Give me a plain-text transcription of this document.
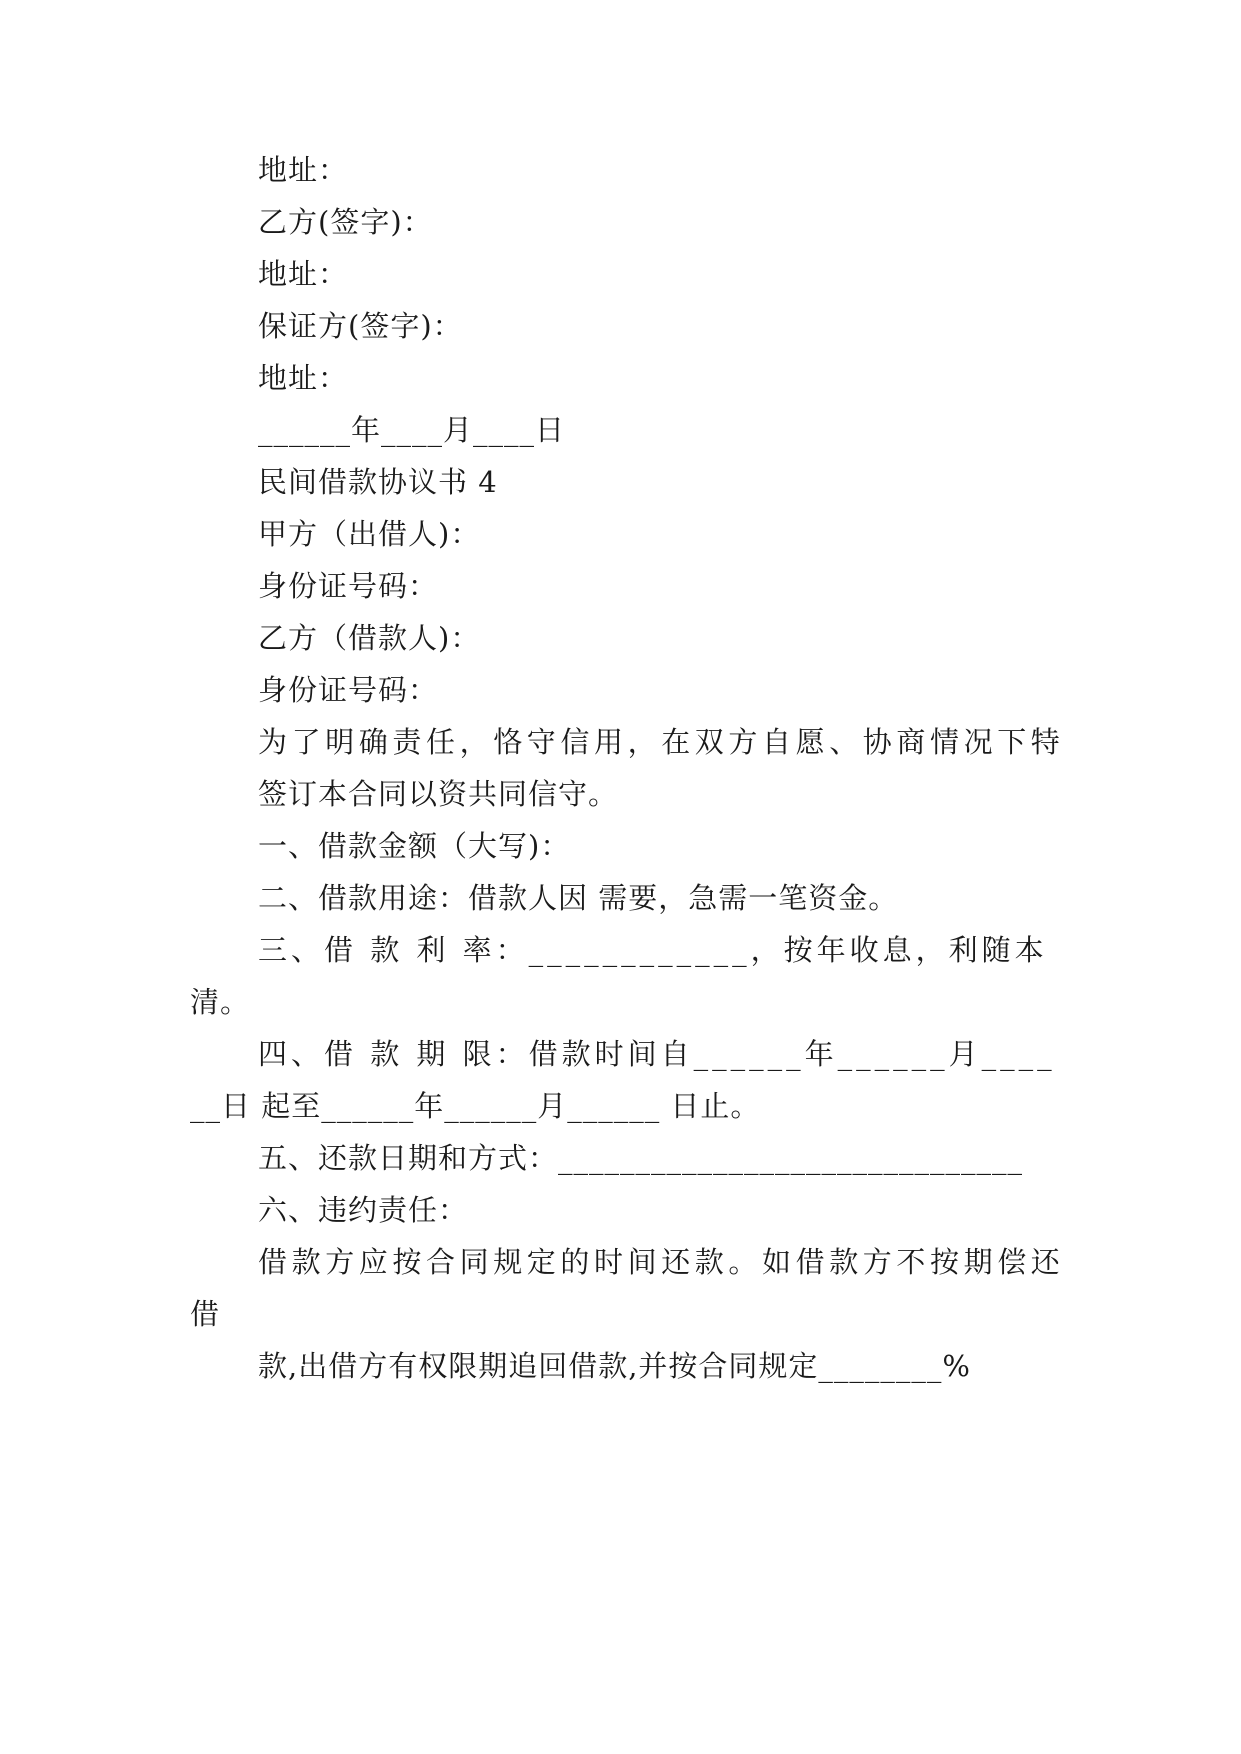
地址：
乙方(签字)：
地址：
保证方(签字)：
地址：
______年____月____日
民间借款协议书 4
甲方（出借人)：
身份证号码：
乙方（借款人)：
身份证号码：
为了明确责任，恪守信用，在双方自愿、协商情况下特
签订本合同以资共同信守。
一、借款金额（大写)：
二、借款用途：借款人因 需要，急需一笔资金。
三、借 款 利 率：____________，按年收息，利随本
清。
四、借 款 期 限：借款时间自______年______月____
__日 起至______年______月______ 日止。
五、还款日期和方式：______________________________
六、违约责任：
借款方应按合同规定的时间还款。如借款方不按期偿还
借
款,出借方有权限期追回借款,并按合同规定________%
